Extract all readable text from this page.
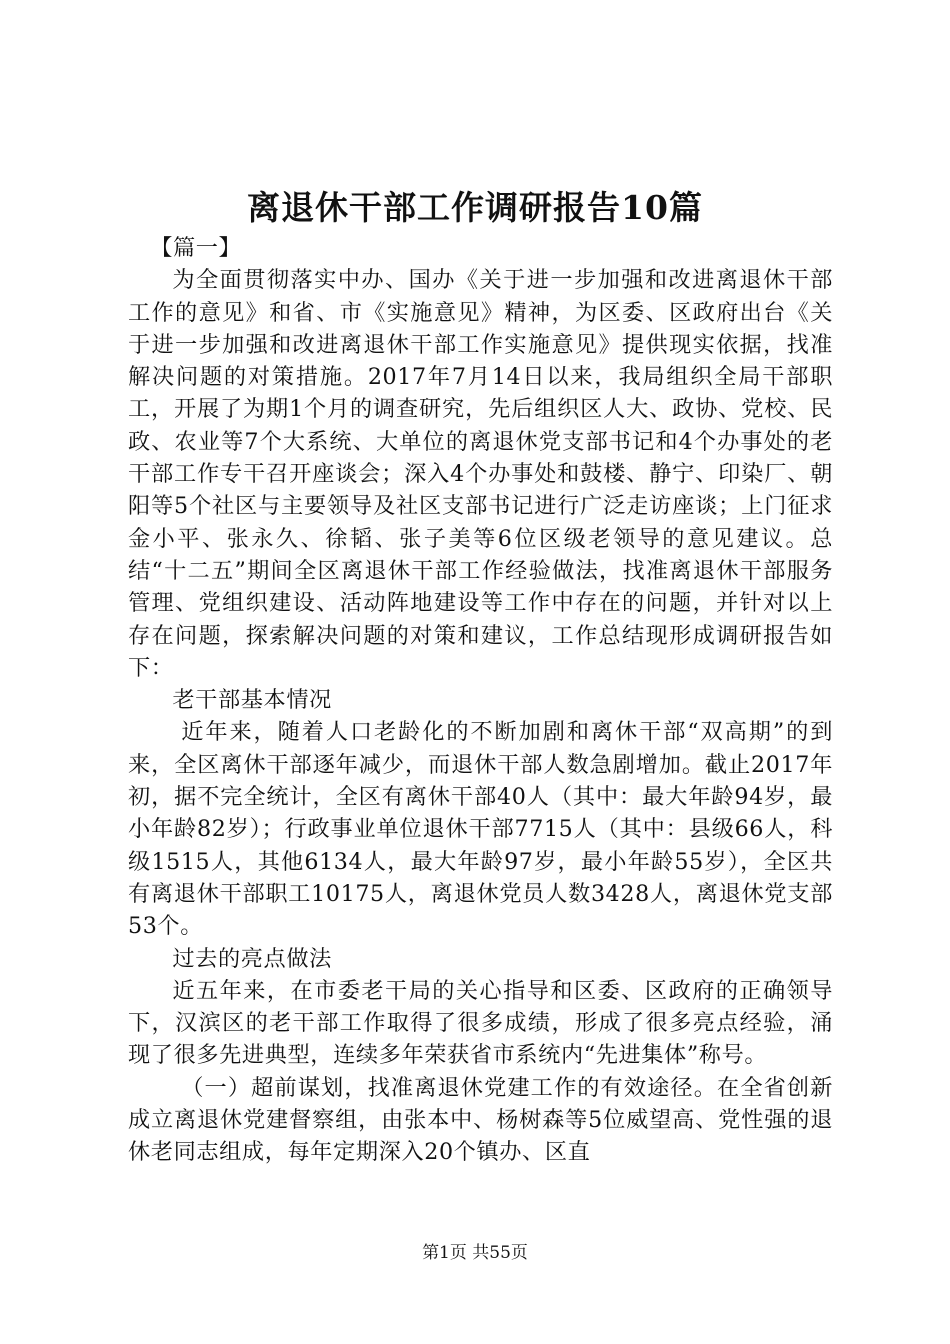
离退休干部工作调研报告10篇

【篇一】

为全面贯彻落实中办、国办《关于进一步加强和改进离退休干部工作的意见》和省、市《实施意见》精神，为区委、区政府出台《关于进一步加强和改进离退休干部工作实施意见》提供现实依据，找准解决问题的对策措施。2017年7月14日以来，我局组织全局干部职工，开展了为期1个月的调查研究，先后组织区人大、政协、党校、民政、农业等7个大系统、大单位的离退休党支部书记和4个办事处的老干部工作专干召开座谈会；深入4个办事处和鼓楼、静宁、印染厂、朝阳等5个社区与主要领导及社区支部书记进行广泛走访座谈；上门征求金小平、张永久、徐韬、张子美等6位区级老领导的意见建议。总结“十二五”期间全区离退休干部工作经验做法，找准离退休干部服务管理、党组织建设、活动阵地建设等工作中存在的问题，并针对以上存在问题，探索解决问题的对策和建议，工作总结现形成调研报告如下：

老干部基本情况

近年来，随着人口老龄化的不断加剧和离休干部“双高期”的到来，全区离休干部逐年减少，而退休干部人数急剧增加。截止2017年初，据不完全统计，全区有离休干部40人（其中：最大年龄94岁，最小年龄82岁）；行政事业单位退休干部7715人（其中：县级66人，科级1515人，其他6134人，最大年龄97岁，最小年龄55岁），全区共有离退休干部职工10175人，离退休党员人数3428人，离退休党支部53个。

过去的亮点做法

近五年来，在市委老干局的关心指导和区委、区政府的正确领导下，汉滨区的老干部工作取得了很多成绩，形成了很多亮点经验，涌现了很多先进典型，连续多年荣获省市系统内“先进集体”称号。

（一）超前谋划，找准离退休党建工作的有效途径。在全省创新成立离退休党建督察组，由张本中、杨树森等5位威望高、党性强的退休老同志组成，每年定期深入20个镇办、区直

第1页 共55页
